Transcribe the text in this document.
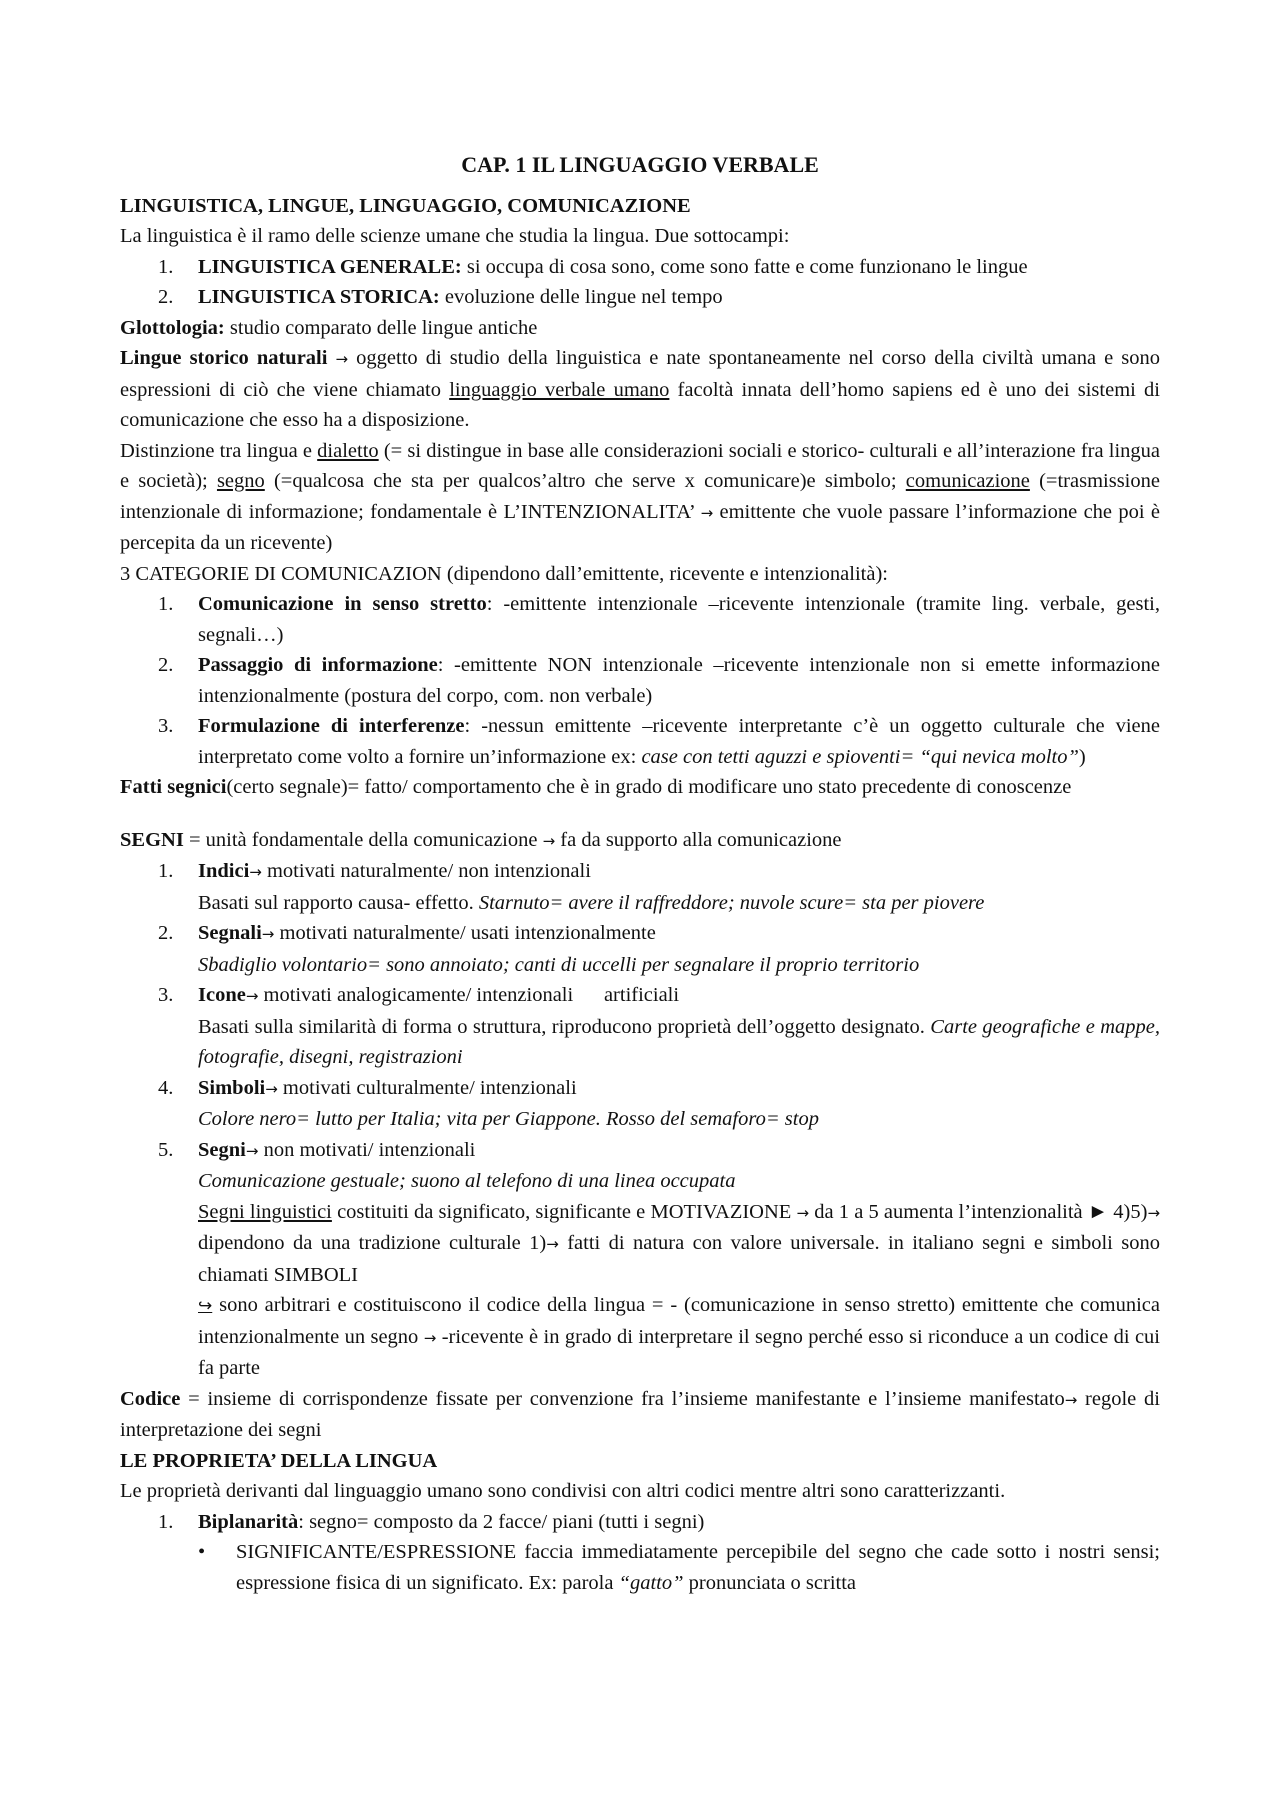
CAP. 1 IL LINGUAGGIO VERBALE

LINGUISTICA, LINGUE, LINGUAGGIO, COMUNICAZIONE

La linguistica è il ramo delle scienze umane che studia la lingua. Due sottocampi:

1. LINGUISTICA GENERALE: si occupa di cosa sono, come sono fatte e come funzionano le lingue
2. LINGUISTICA STORICA: evoluzione delle lingue nel tempo

Glottologia: studio comparato delle lingue antiche

Lingue storico naturali → oggetto di studio della linguistica e nate spontaneamente nel corso della civiltà umana e sono espressioni di ciò che viene chiamato linguaggio verbale umano facoltà innata dell’homo sapiens ed è uno dei sistemi di comunicazione che esso ha a disposizione.

Distinzione tra lingua e dialetto (= si distingue in base alle considerazioni sociali e storico- culturali e all’interazione fra lingua e società); segno (=qualcosa che sta per qualcos’altro che serve x comunicare)e simbolo; comunicazione (=trasmissione intenzionale di informazione; fondamentale è L’INTENZIONALITA’ → emittente che vuole passare l’informazione che poi è percepita da un ricevente)

3 CATEGORIE DI COMUNICAZION (dipendono dall’emittente, ricevente e intenzionalità):

1. Comunicazione in senso stretto: -emittente intenzionale –ricevente intenzionale (tramite ling. verbale, gesti, segnali…)
2. Passaggio di informazione: -emittente NON intenzionale –ricevente intenzionale non si emette informazione intenzionalmente (postura del corpo, com. non verbale)
3. Formulazione di interferenze: -nessun emittente –ricevente interpretante c’è un oggetto culturale che viene interpretato come volto a fornire un’informazione ex: case con tetti aguzzi e spioventi= “qui nevica molto”)

Fatti segnici(certo segnale)= fatto/ comportamento che è in grado di modificare uno stato precedente di conoscenze

SEGNI = unità fondamentale della comunicazione → fa da supporto alla comunicazione

1. Indici→ motivati naturalmente/ non intenzionali
Basati sul rapporto causa- effetto. Starnuto= avere il raffreddore; nuvole scure= sta per piovere
2. Segnali→ motivati naturalmente/ usati intenzionalmente
Sbadiglio volontario= sono annoiato; canti di uccelli per segnalare il proprio territorio
3. Icone→ motivati analogicamente/ intenzionali      artificiali
Basati sulla similarità di forma o struttura, riproducono proprietà dell’oggetto designato. Carte geografiche e mappe, fotografie, disegni, registrazioni
4. Simboli→ motivati culturalmente/ intenzionali
Colore nero= lutto per Italia; vita per Giappone. Rosso del semaforo= stop
5. Segni→ non motivati/ intenzionali
Comunicazione gestuale; suono al telefono di una linea occupata
Segni linguistici costituiti da significato, significante e MOTIVAZIONE → da 1 a 5 aumenta l’intenzionalità ► 4)5)→ dipendono da una tradizione culturale 1)→ fatti di natura con valore universale. in italiano segni e simboli sono chiamati SIMBOLI
↪ sono arbitrari e costituiscono il codice della lingua = - (comunicazione in senso stretto) emittente che comunica intenzionalmente un segno → -ricevente è in grado di interpretare il segno perché esso si riconduce a un codice di cui fa parte

Codice = insieme di corrispondenze fissate per convenzione fra l’insieme manifestante e l’insieme manifestato→ regole di interpretazione dei segni

LE PROPRIETA’ DELLA LINGUA

Le proprietà derivanti dal linguaggio umano sono condivisi con altri codici mentre altri sono caratterizzanti.

1. Biplanarità: segno= composto da 2 facce/ piani (tutti i segni)
• SIGNIFICANTE/ESPRESSIONE faccia immediatamente percepibile del segno che cade sotto i nostri sensi; espressione fisica di un significato. Ex: parola “gatto” pronunciata o scritta
